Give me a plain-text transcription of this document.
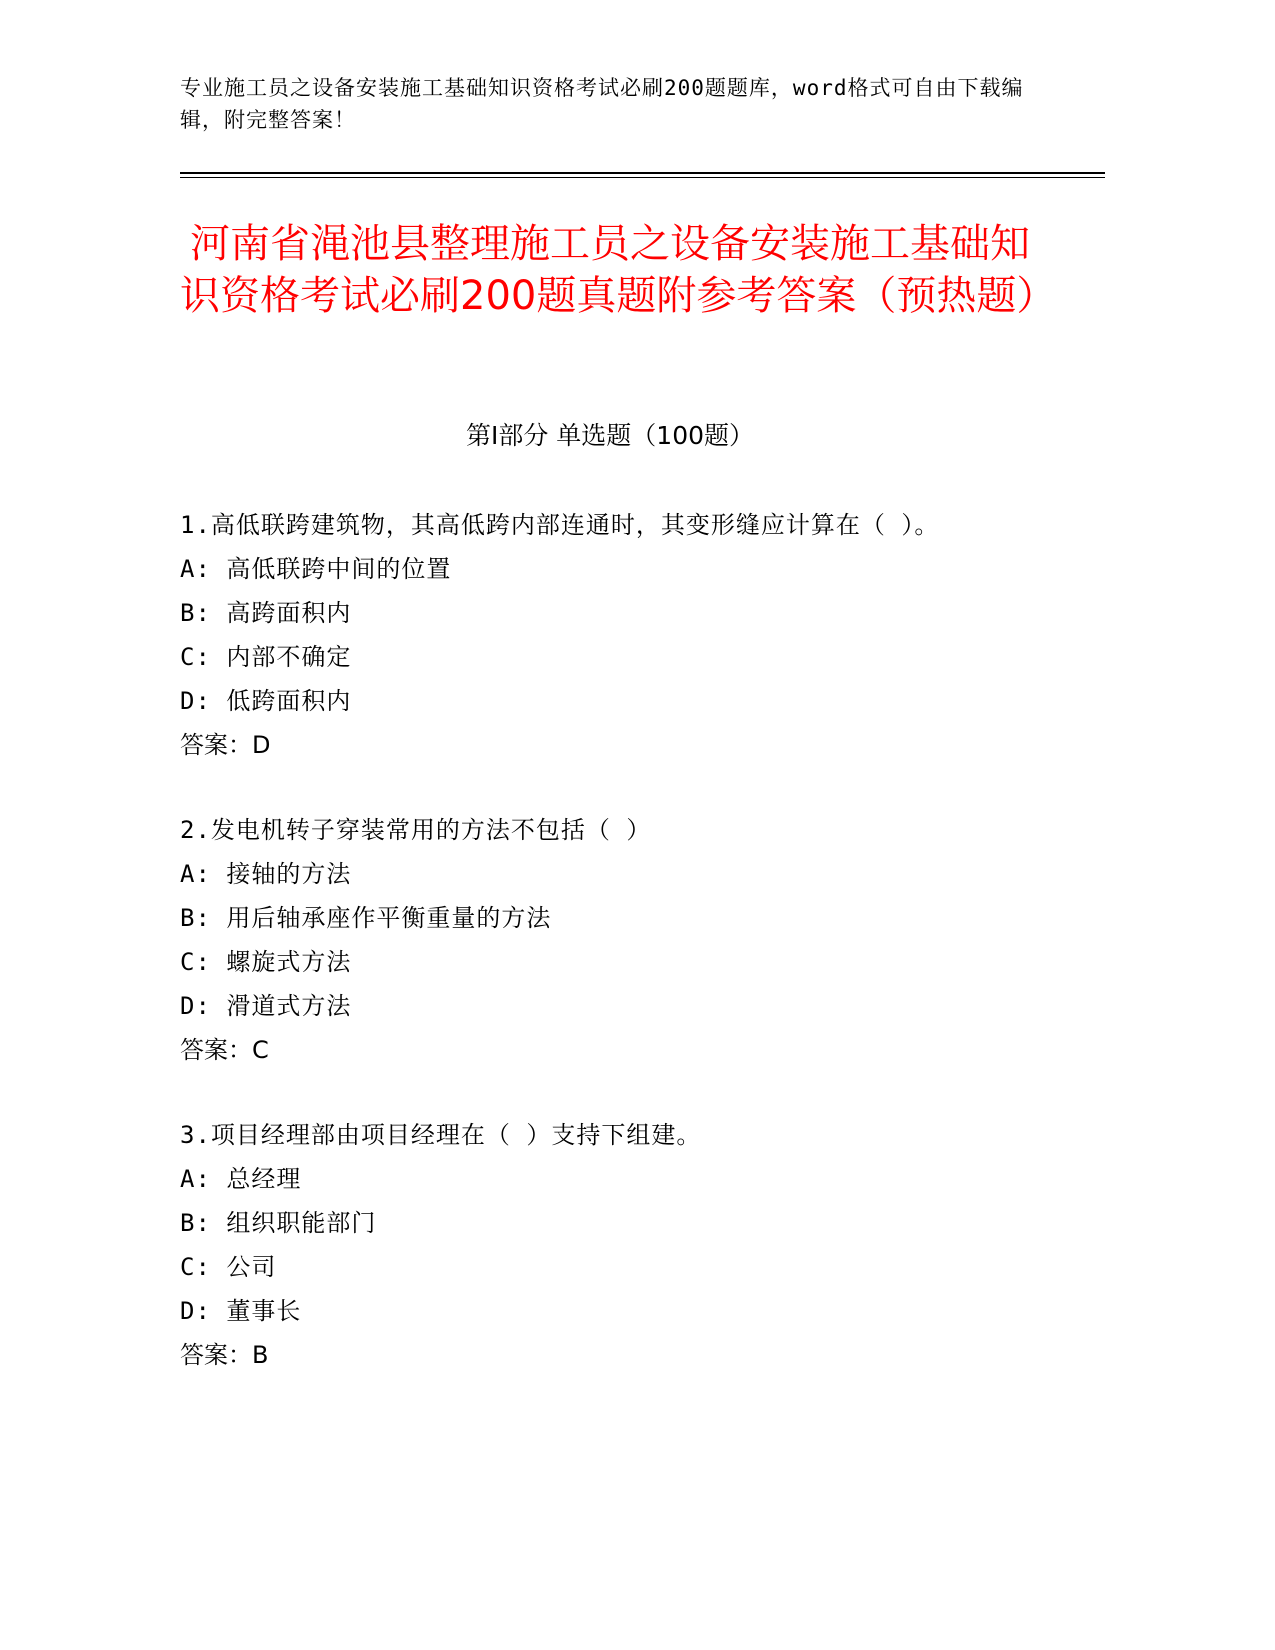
专业施工员之设备安装施工基础知识资格考试必刷200题题库，word格式可自由下载编辑，附完整答案！

河南省渑池县整理施工员之设备安装施工基础知识资格考试必刷200题真题附参考答案（预热题）
第Ⅰ部分 单选题（100题）
1.高低联跨建筑物，其高低跨内部连通时，其变形缝应计算在（ ）。
A: 高低联跨中间的位置
B: 高跨面积内
C: 内部不确定
D: 低跨面积内
答案：D
2.发电机转子穿装常用的方法不包括（ ）
A: 接轴的方法
B: 用后轴承座作平衡重量的方法
C: 螺旋式方法
D: 滑道式方法
答案：C
3.项目经理部由项目经理在（ ）支持下组建。
A: 总经理
B: 组织职能部门
C: 公司
D: 董事长
答案：B
